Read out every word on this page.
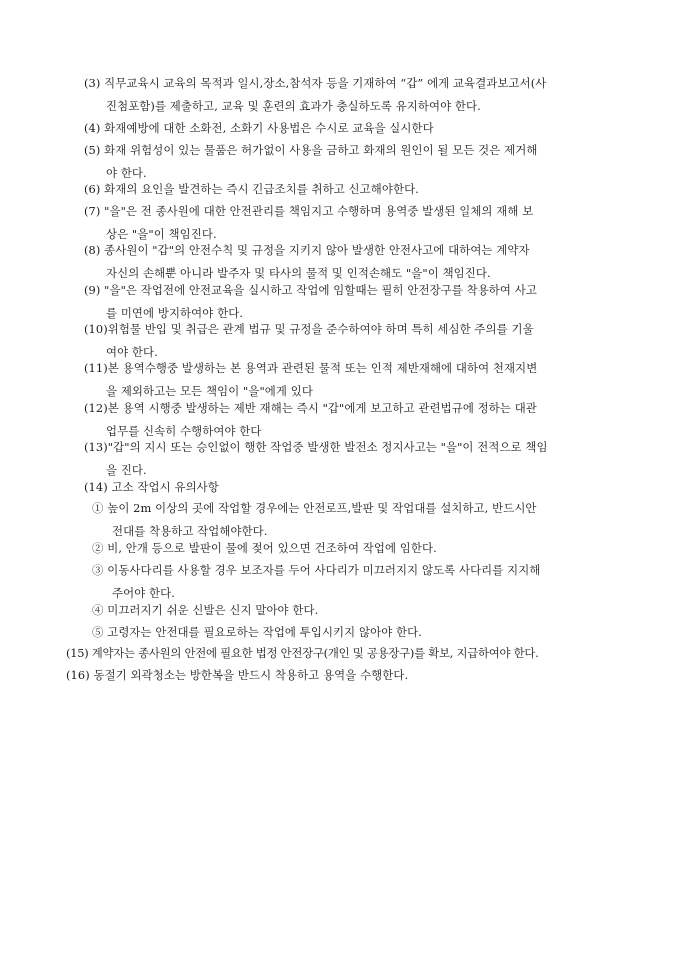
(3) 직무교육시 교육의 목적과 일시,장소,참석자 등을 기재하여 “갑” 에게 교육결과보고서(사
진첨포함)를 제출하고, 교육 및 훈련의 효과가 충실하도록 유지하여야 한다.
(4) 화재예방에 대한 소화전, 소화기 사용법은 수시로 교육을 실시한다
(5) 화재 위험성이 있는 물품은 허가없이 사용을 금하고 화재의 원인이 될 모든 것은 제거해
야 한다.
(6) 화재의 요인을 발견하는 즉시 긴급조치를 취하고 신고해야한다.
(7) "을"은 전 종사원에 대한 안전관리를 책임지고 수행하며 용역중 발생된 일체의 재해 보
상은 "을"이 책임진다.
(8) 종사원이 "갑"의 안전수칙 및 규정을 지키지 않아 발생한 안전사고에 대하여는 계약자
자신의 손해뿐 아니라 발주자 및 타사의 물적 및 인적손해도 "을"이 책임진다.
(9) "을"은 작업전에 안전교육을 실시하고 작업에 임할때는 필히 안전장구를 착용하여 사고
를 미연에 방지하여야 한다.
(10)위험물 반입 및 취급은 관계 법규 및 규정을 준수하여야 하며 특히 세심한 주의를 기울
여야 한다.
(11)본 용역수행중 발생하는 본 용역과 관련된 물적 또는 인적 제반재해에 대하여 천재지변
을 제외하고는 모든 책임이 "을"에게 있다
(12)본 용역 시행중 발생하는 제반 재해는 즉시 "갑"에게 보고하고 관련법규에 정하는 대관
업무를 신속히 수행하여야 한다
(13)"갑"의 지시 또는 승인없이 행한 작업중 발생한 발전소 정지사고는 "을"이 전적으로 책임
을 진다.
(14) 고소 작업시 유의사항
① 높이 2m 이상의 곳에 작업할 경우에는 안전로프,발판 및 작업대를 설치하고, 반드시안
전대를 착용하고 작업해야한다.
② 비, 안개 등으로 발판이 물에 젖어 있으면 건조하여 작업에 임한다.
③ 이동사다리를 사용할 경우 보조자를 두어 사다리가 미끄러지지 않도록 사다리를 지지해
주어야 한다.
④ 미끄러지기 쉬운 신발은 신지 말아야 한다.
⑤ 고령자는 안전대를 필요로하는 작업에 투입시키지 않아야 한다.
(15) 계약자는 종사원의 안전에 필요한 법정 안전장구(개인 및 공용장구)를 확보, 지급하여야 한다.
(16) 동절기 외곽청소는 방한복을 반드시 착용하고 용역을 수행한다.
